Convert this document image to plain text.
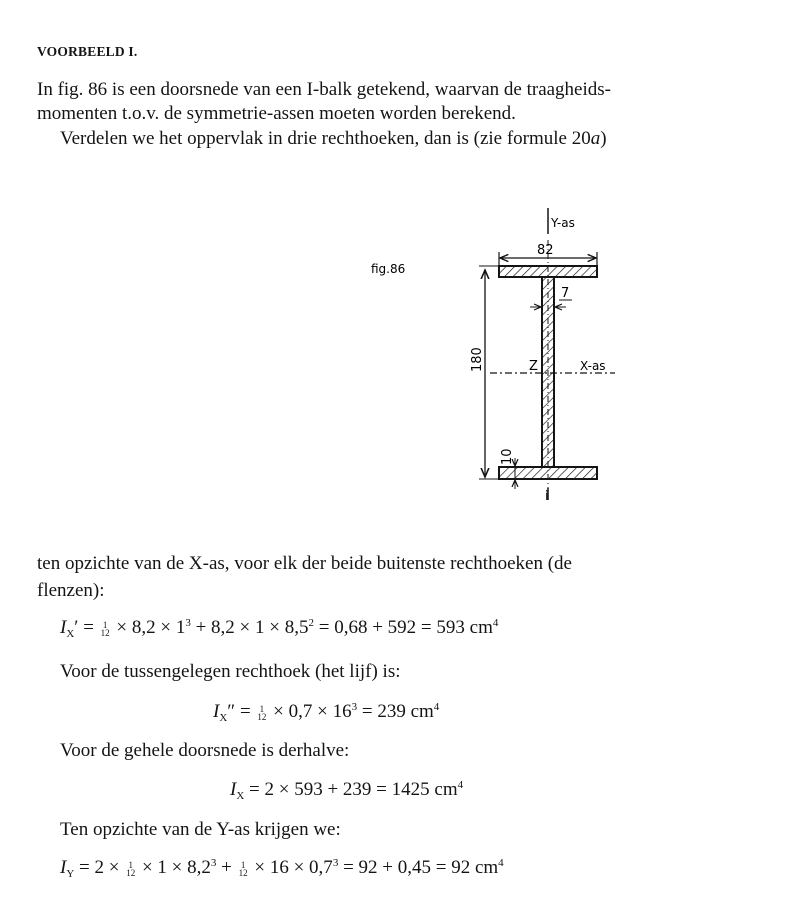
VOORBEELD I.
In fig. 86 is een doorsnede van een I-balk getekend, waarvan de traagheids-
momenten t.o.v. de symmetrie-assen moeten worden berekend.
Verdelen we het oppervlak in drie rechthoeken, dan is (zie formule 20a)
fig.86
Y-as
X-as
Z
82
7
180
10
i
ten opzichte van de X-as, voor elk der beide buitenste rechthoeken (de
flenzen):
$I_X' = 1$
$12 \times 8,2 \times 1^3 + 8,2 \times 1 \times 8,5^2 = 0,68 + 592 = 593$ $cm^4$
Voor de tussengelegen rechthoek (het lijf) is:
$I_X'' = 1$
$12 \times 0,7 \times 16^3 = 239$ $cm^4$
Voor de gehele doorsnede is derhalve:
$I_X = 2 \times 593 + 239 = 1425$ $cm^4$
Ten opzichte van de Y-as krijgen we:
$I_Y = 2 \times 1$
$12 \times 1 \times 8,2^3 + 1$
$12 \times 16 \times 0,7^3 = 92 + 0,45 = 92$ $cm^4$
